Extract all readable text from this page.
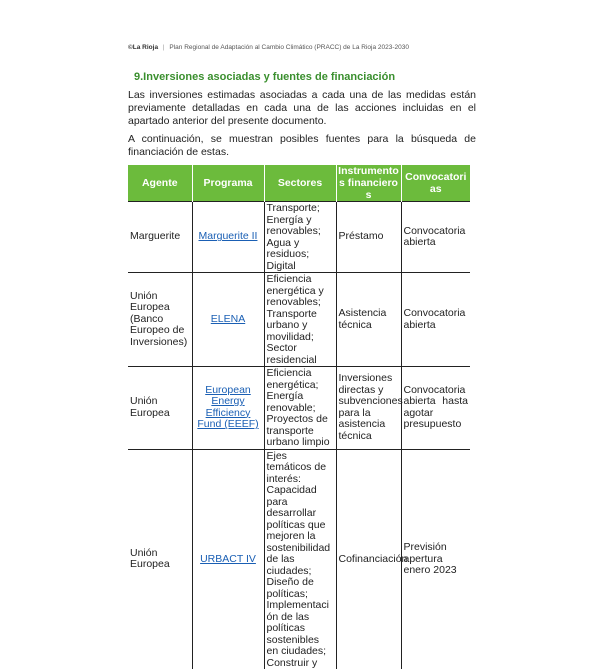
©La Rioja | Plan Regional de Adaptación al Cambio Climático (PRACC) de La Rioja 2023-2030
9.Inversiones asociadas y fuentes de financiación

Las inversiones estimadas asociadas a cada una de las medidas están previamente detalladas en cada una de las acciones incluidas en el apartado anterior del presente documento.

A continuación, se muestran posibles fuentes para la búsqueda de financiación de estas.

Agente	Programa	Sectores	Instrumentos financieros	Convocatorias
Marguerite	Marguerite II	Transporte; Energía y renovables; Agua y residuos; Digital	Préstamo	Convocatoria abierta
Unión Europea (Banco Europeo de Inversiones)	ELENA	Eficiencia energética y renovables; Transporte urbano y movilidad; Sector residencial	Asistencia técnica	Convocatoria abierta
Unión Europea	European Energy Efficiency Fund (EEEF)	Eficiencia energética; Energía renovable; Proyectos de transporte urbano limpio	Inversiones directas y subvenciones para la asistencia técnica	Convocatoria abierta hasta agotar presupuesto
Unión Europea	URBACT IV	Ejes temáticos de interés: Capacidad para desarrollar políticas que mejoren la sostenibilidad de las ciudades; Diseño de políticas; Implementación de las políticas sostenibles en ciudades; Construir y	Cofinanciación	Previsión apertura enero 2023
